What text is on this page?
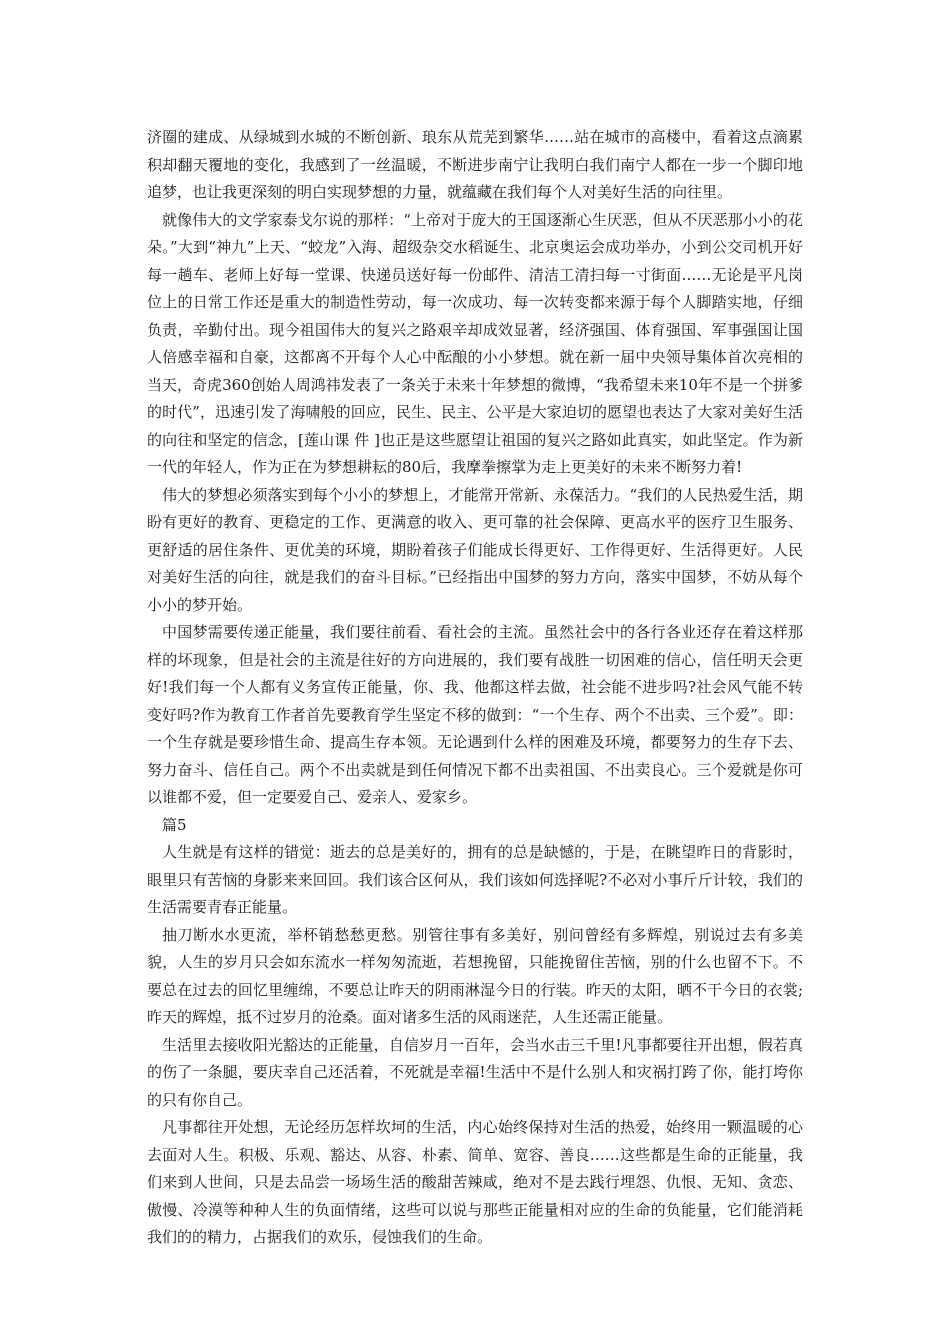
济圈的建成、从绿城到水城的不断创新、琅东从荒芜到繁华……站在城市的高楼中，看着这点滴累积却翻天覆地的变化，我感到了一丝温暖，不断进步南宁让我明白我们南宁人都在一步一个脚印地追梦，也让我更深刻的明白实现梦想的力量，就蕴藏在我们每个人对美好生活的向往里。

就像伟大的文学家泰戈尔说的那样：“上帝对于庞大的王国逐渐心生厌恶，但从不厌恶那小小的花朵。”大到“神九”上天、“蛟龙”入海、超级杂交水稻诞生、北京奥运会成功举办，小到公交司机开好每一趟车、老师上好每一堂课、快递员送好每一份邮件、清洁工清扫每一寸街面……无论是平凡岗位上的日常工作还是重大的制造性劳动，每一次成功、每一次转变都来源于每个人脚踏实地，仔细负责，辛勤付出。现今祖国伟大的复兴之路艰辛却成效显著，经济强国、体育强国、军事强国让国人倍感幸福和自豪，这都离不开每个人心中酝酿的小小梦想。就在新一届中央领导集体首次亮相的当天，奇虎360创始人周鸿祎发表了一条关于未来十年梦想的微博，“我希望未来10年不是一个拼爹的时代”，迅速引发了海啸般的回应，民生、民主、公平是大家迫切的愿望也表达了大家对美好生活的向往和坚定的信念，[莲山课 件 ]也正是这些愿望让祖国的复兴之路如此真实，如此坚定。作为新一代的年轻人，作为正在为梦想耕耘的80后，我摩拳擦掌为走上更美好的未来不断努力着!

伟大的梦想必须落实到每个小小的梦想上，才能常开常新、永葆活力。“我们的人民热爱生活，期盼有更好的教育、更稳定的工作、更满意的收入、更可靠的社会保障、更高水平的医疗卫生服务、更舒适的居住条件、更优美的环境，期盼着孩子们能成长得更好、工作得更好、生活得更好。人民对美好生活的向往，就是我们的奋斗目标。”已经指出中国梦的努力方向，落实中国梦，不妨从每个小小的梦开始。

中国梦需要传递正能量，我们要往前看、看社会的主流。虽然社会中的各行各业还存在着这样那样的坏现象，但是社会的主流是往好的方向进展的，我们要有战胜一切困难的信心，信任明天会更好!我们每一个人都有义务宣传正能量，你、我、他都这样去做，社会能不进步吗?社会风气能不转变好吗?作为教育工作者首先要教育学生坚定不移的做到：“一个生存、两个不出卖、三个爱”。即：一个生存就是要珍惜生命、提高生存本领。无论遇到什么样的困难及环境，都要努力的生存下去、努力奋斗、信任自己。两个不出卖就是到任何情况下都不出卖祖国、不出卖良心。三个爱就是你可以谁都不爱，但一定要爱自己、爱亲人、爱家乡。

篇5

人生就是有这样的错觉：逝去的总是美好的，拥有的总是缺憾的，于是，在眺望昨日的背影时，眼里只有苦恼的身影来来回回。我们该合区何从，我们该如何选择呢?不必对小事斤斤计较，我们的生活需要青春正能量。

抽刀断水水更流，举杯销愁愁更愁。别管往事有多美好，别问曾经有多辉煌，别说过去有多美貌，人生的岁月只会如东流水一样匆匆流逝，若想挽留，只能挽留住苦恼，别的什么也留不下。不要总在过去的回忆里缠绵，不要总让昨天的阴雨淋湿今日的行装。昨天的太阳，晒不干今日的衣裳;昨天的辉煌，抵不过岁月的沧桑。面对诸多生活的风雨迷茫，人生还需正能量。

生活里去接收阳光豁达的正能量，自信岁月一百年，会当水击三千里!凡事都要往开出想，假若真的伤了一条腿，要庆幸自己还活着，不死就是幸福!生活中不是什么别人和灾祸打跨了你，能打垮你的只有你自己。

凡事都往开处想，无论经历怎样坎坷的生活，内心始终保持对生活的热爱，始终用一颗温暖的心去面对人生。积极、乐观、豁达、从容、朴素、简单、宽容、善良……这些都是生命的正能量，我们来到人世间，只是去品尝一场场生活的酸甜苦辣咸，绝对不是去践行埋怨、仇恨、无知、贪恋、傲慢、冷漠等种种人生的负面情绪，这些可以说与那些正能量相对应的生命的负能量，它们能消耗我们的的精力，占据我们的欢乐，侵蚀我们的生命。
